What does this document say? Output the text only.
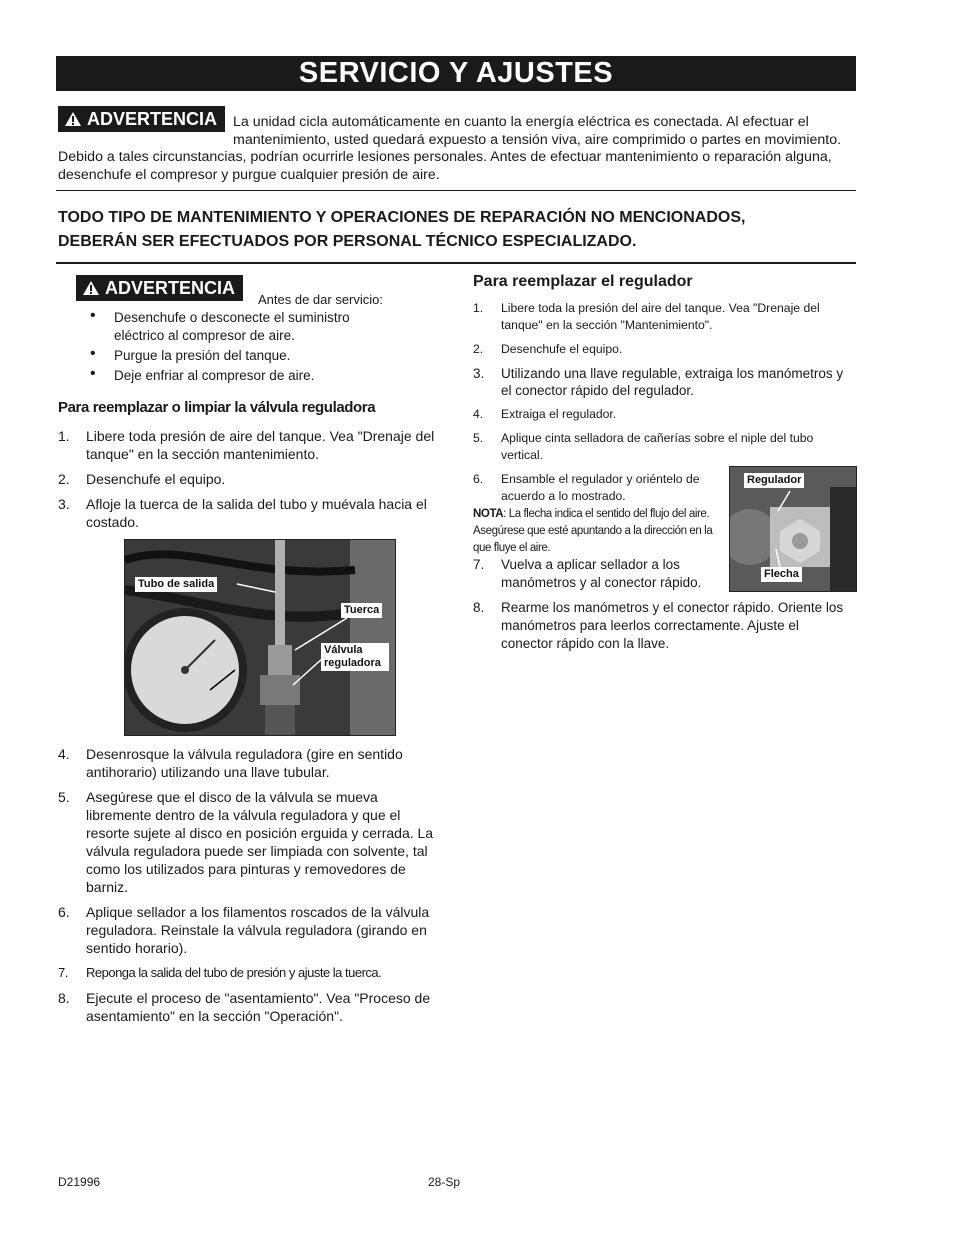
SERVICIO Y AJUSTES
ADVERTENCIA La unidad cicla automáticamente en cuanto la energía eléctrica es conectada. Al efectuar el mantenimiento, usted quedará expuesto a tensión viva, aire comprimido o partes en movimiento. Debido a tales circunstancias, podrían ocurrirle lesiones personales. Antes de efectuar mantenimiento o reparación alguna, desenchufe el compresor y purgue cualquier presión de aire.
TODO TIPO DE MANTENIMIENTO Y OPERACIONES DE REPARACIÓN NO MENCIONADOS,
DEBERÁN SER EFECTUADOS POR PERSONAL TÉCNICO ESPECIALIZADO.
ADVERTENCIA
Antes de dar servicio:
• Desenchufe o desconecte el suministro eléctrico al compresor de aire.
• Purgue la presión del tanque.
• Deje enfriar al compresor de aire.
Para reemplazar o limpiar la válvula reguladora
1. Libere toda presión de aire del tanque. Vea "Drenaje del tanque" en la sección mantenimiento.
2. Desenchufe el equipo.
3. Afloje la tuerca de la salida del tubo y muévala hacia el costado.
Tubo de salida
Tuerca
Válvula reguladora
4. Desenrosque la válvula reguladora (gire en sentido antihorario) utilizando una llave tubular.
5. Asegúrese que el disco de la válvula se mueva libremente dentro de la válvula reguladora y que el resorte sujete al disco en posición erguida y cerrada. La válvula reguladora puede ser limpiada con solvente, tal como los utilizados para pinturas y removedores de barniz.
6. Aplique sellador a los filamentos roscados de la válvula reguladora. Reinstale la válvula reguladora (girando en sentido horario).
7. Reponga la salida del tubo de presión y ajuste la tuerca.
8. Ejecute el proceso de "asentamiento". Vea "Proceso de asentamiento" en la sección "Operación".
Para reemplazar el regulador
1. Libere toda la presión del aire del tanque. Vea "Drenaje del tanque" en la sección "Mantenimiento".
2. Desenchufe el equipo.
3. Utilizando una llave regulable, extraiga los manómetros y el conector rápido del regulador.
4. Extraiga el regulador.
5. Aplique cinta selladora de cañerías sobre el niple del tubo vertical.
6. Ensamble el regulador y oriéntelo de acuerdo a lo mostrado.
NOTA: La flecha indica el sentido del flujo del aire. Asegúrese que esté apuntando a la dirección en la que fluye el aire.
7. Vuelva a aplicar sellador a los manómetros y al conector rápido.
8. Rearme los manómetros y el conector rápido. Oriente los manómetros para leerlos correctamente. Ajuste el conector rápido con la llave.
Regulador
Flecha
D21996	28-Sp
